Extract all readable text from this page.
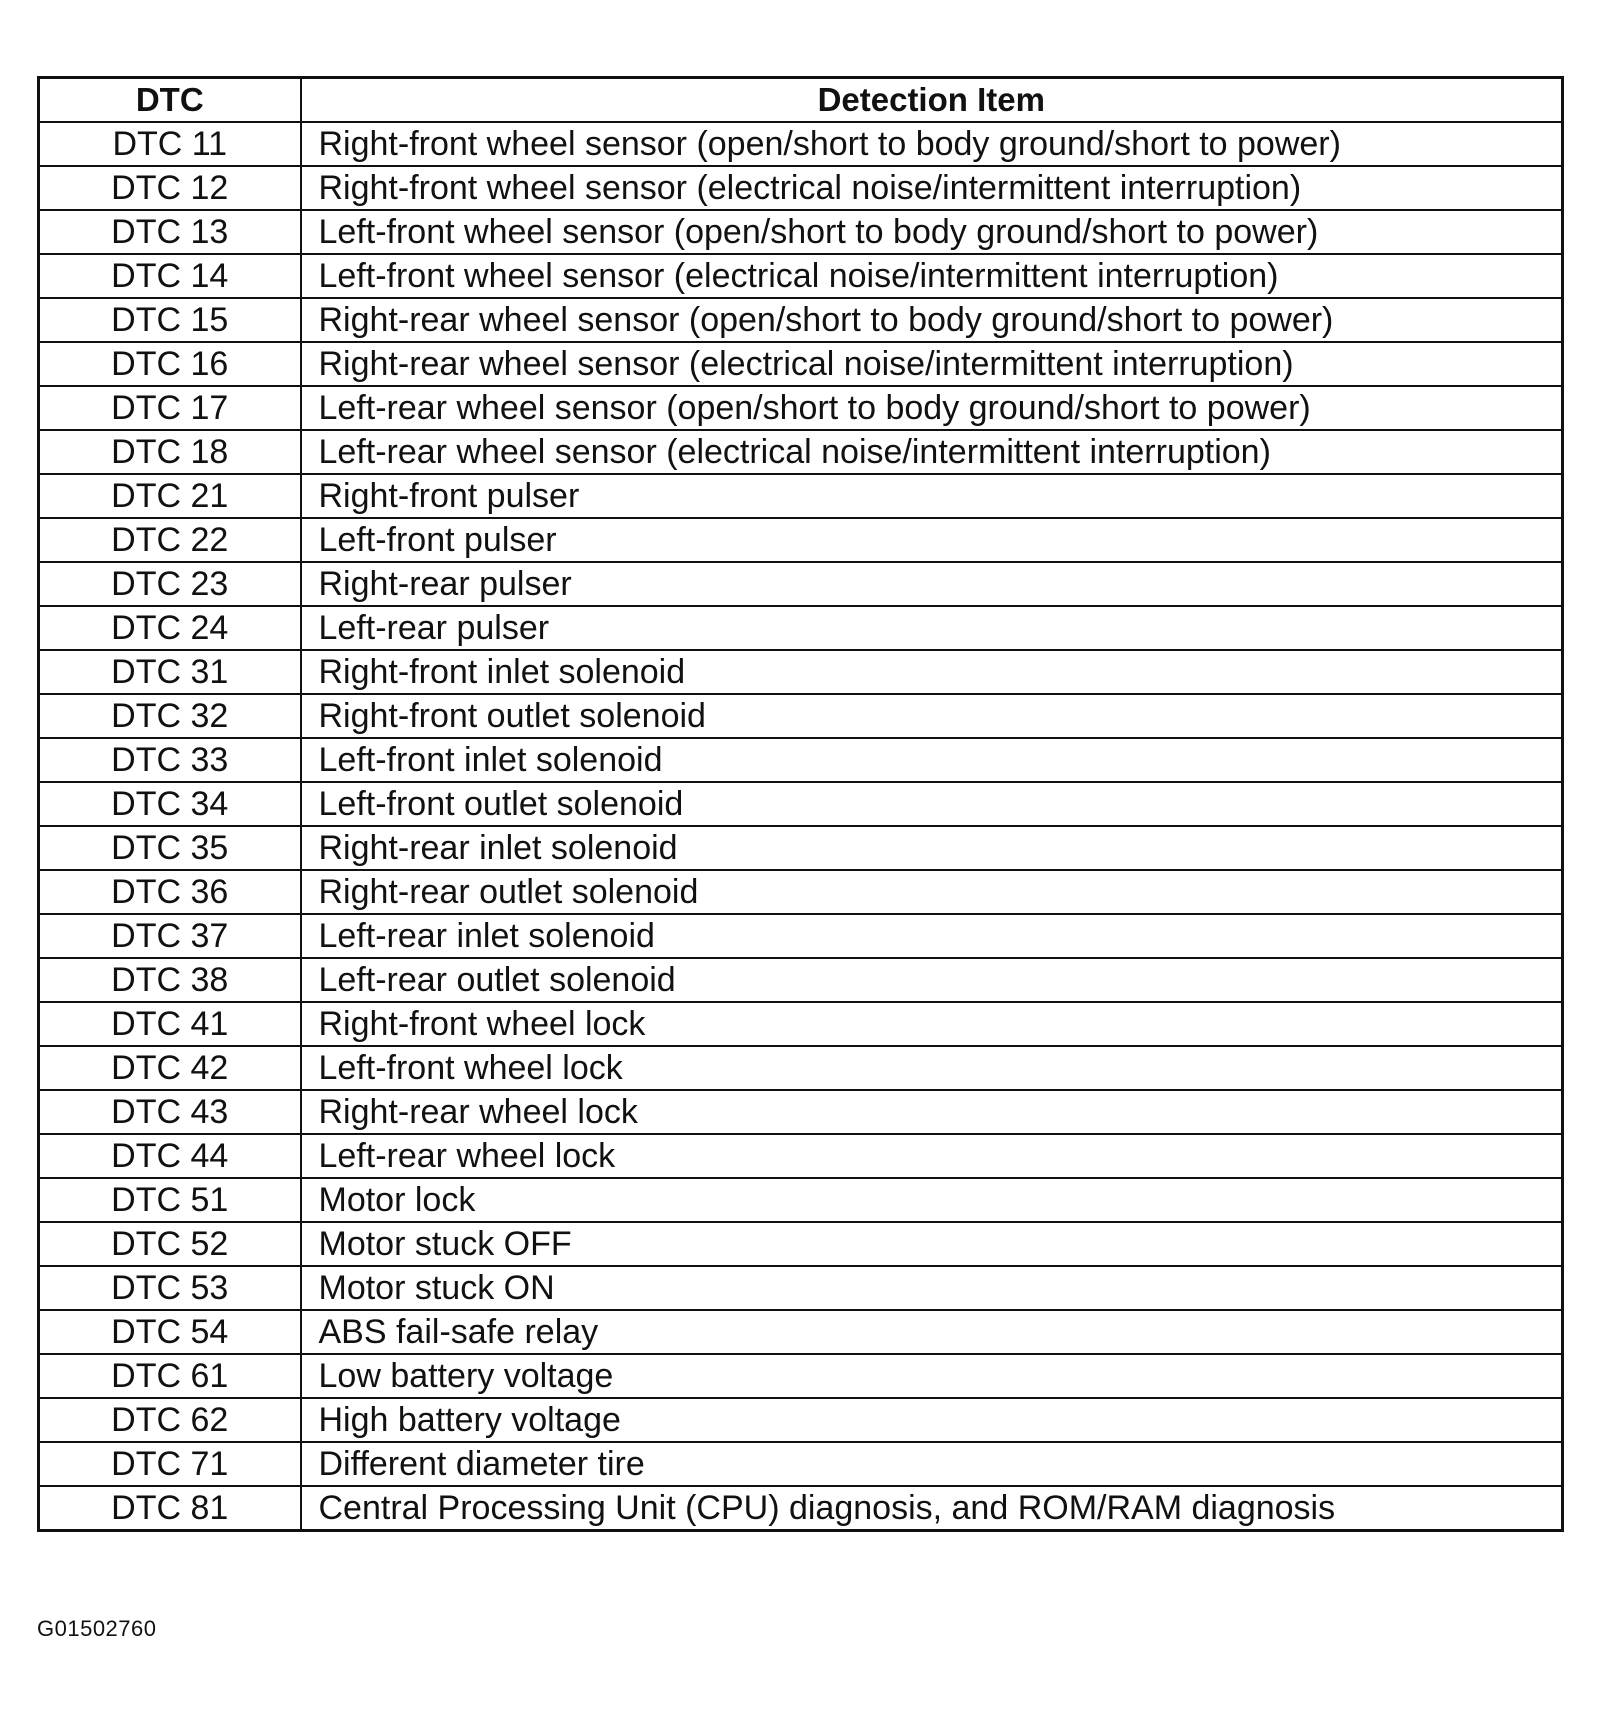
DTC	Detection Item
DTC 11	Right-front wheel sensor (open/short to body ground/short to power)
DTC 12	Right-front wheel sensor (electrical noise/intermittent interruption)
DTC 13	Left-front wheel sensor (open/short to body ground/short to power)
DTC 14	Left-front wheel sensor (electrical noise/intermittent interruption)
DTC 15	Right-rear wheel sensor (open/short to body ground/short to power)
DTC 16	Right-rear wheel sensor (electrical noise/intermittent interruption)
DTC 17	Left-rear wheel sensor (open/short to body ground/short to power)
DTC 18	Left-rear wheel sensor (electrical noise/intermittent interruption)
DTC 21	Right-front pulser
DTC 22	Left-front pulser
DTC 23	Right-rear pulser
DTC 24	Left-rear pulser
DTC 31	Right-front inlet solenoid
DTC 32	Right-front outlet solenoid
DTC 33	Left-front inlet solenoid
DTC 34	Left-front outlet solenoid
DTC 35	Right-rear inlet solenoid
DTC 36	Right-rear outlet solenoid
DTC 37	Left-rear inlet solenoid
DTC 38	Left-rear outlet solenoid
DTC 41	Right-front wheel lock
DTC 42	Left-front wheel lock
DTC 43	Right-rear wheel lock
DTC 44	Left-rear wheel lock
DTC 51	Motor lock
DTC 52	Motor stuck OFF
DTC 53	Motor stuck ON
DTC 54	ABS fail-safe relay
DTC 61	Low battery voltage
DTC 62	High battery voltage
DTC 71	Different diameter tire
DTC 81	Central Processing Unit (CPU) diagnosis, and ROM/RAM diagnosis
G01502760
